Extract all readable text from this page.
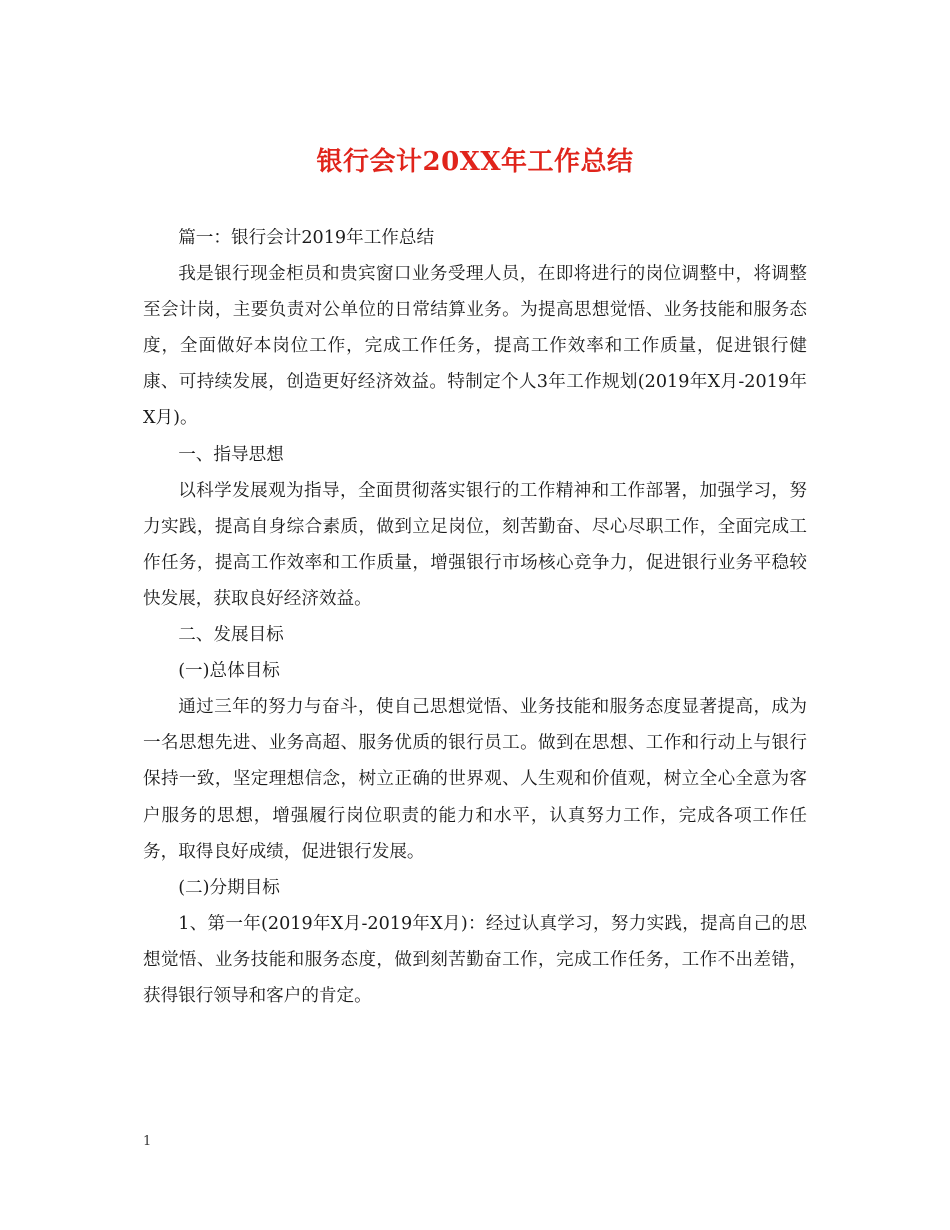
银行会计20XX年工作总结

篇一：银行会计2019年工作总结

我是银行现金柜员和贵宾窗口业务受理人员，在即将进行的岗位调整中，将调整至会计岗，主要负责对公单位的日常结算业务。为提高思想觉悟、业务技能和服务态度，全面做好本岗位工作，完成工作任务，提高工作效率和工作质量，促进银行健康、可持续发展，创造更好经济效益。特制定个人3年工作规划(2019年X月-2019年X月)。

一、指导思想

以科学发展观为指导，全面贯彻落实银行的工作精神和工作部署，加强学习，努力实践，提高自身综合素质，做到立足岗位，刻苦勤奋、尽心尽职工作，全面完成工作任务，提高工作效率和工作质量，增强银行市场核心竞争力，促进银行业务平稳较快发展，获取良好经济效益。

二、发展目标

(一)总体目标

通过三年的努力与奋斗，使自己思想觉悟、业务技能和服务态度显著提高，成为一名思想先进、业务高超、服务优质的银行员工。做到在思想、工作和行动上与银行保持一致，坚定理想信念，树立正确的世界观、人生观和价值观，树立全心全意为客户服务的思想，增强履行岗位职责的能力和水平，认真努力工作，完成各项工作任务，取得良好成绩，促进银行发展。

(二)分期目标

1、第一年(2019年X月-2019年X月)：经过认真学习，努力实践，提高自己的思想觉悟、业务技能和服务态度，做到刻苦勤奋工作，完成工作任务，工作不出差错，获得银行领导和客户的肯定。

1
